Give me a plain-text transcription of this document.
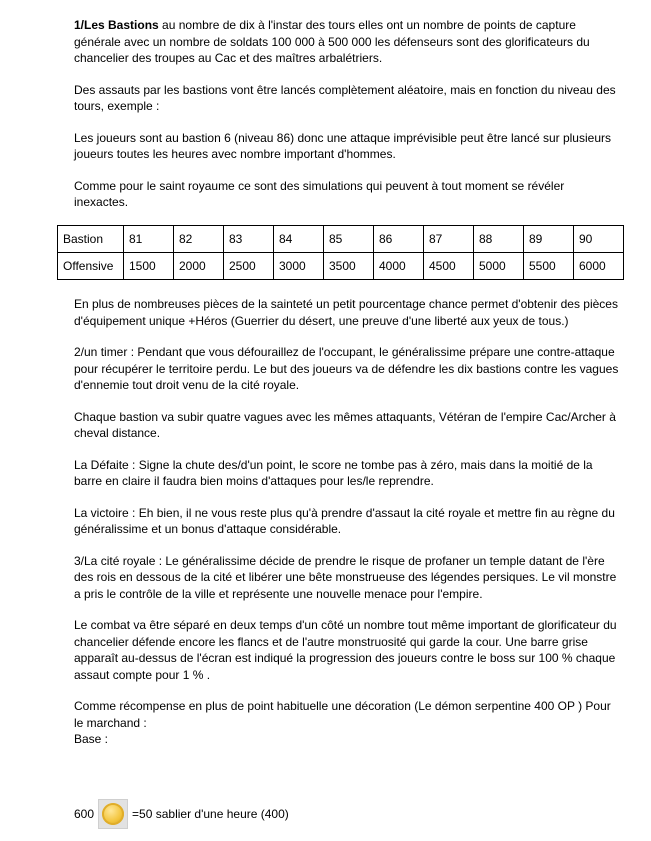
1/Les Bastions au nombre de dix à l'instar des tours elles ont un nombre de points de capture générale avec un nombre de soldats 100 000 à 500 000 les défenseurs sont des glorificateurs du chancelier des troupes au Cac et des maîtres arbalétriers.

Des assauts par les bastions vont être lancés complètement aléatoire, mais en fonction du niveau des tours, exemple :

Les joueurs sont au bastion 6 (niveau 86) donc une attaque imprévisible peut être lancé sur plusieurs joueurs toutes les heures avec nombre important d'hommes.

Comme pour le saint royaume ce sont des simulations qui peuvent à tout moment se révéler inexactes.

Bastion	81	82	83	84	85	86	87	88	89	90
Offensive	1500	2000	2500	3000	3500	4000	4500	5000	5500	6000

En plus de nombreuses pièces de la sainteté un petit pourcentage chance permet d'obtenir des pièces d'équipement unique +Héros (Guerrier du désert, une preuve d'une liberté aux yeux de tous.)

2/un timer : Pendant que vous défouraillez de l'occupant, le généralissime prépare une contre-attaque pour récupérer le territoire perdu. Le but des joueurs va de défendre les dix bastions contre les vagues d'ennemie tout droit venu de la cité royale.

Chaque bastion va subir quatre vagues avec les mêmes attaquants, Vétéran de l'empire Cac/Archer à cheval distance.

La Défaite : Signe la chute des/d'un point, le score ne tombe pas à zéro, mais dans la moitié de la barre en claire il faudra bien moins d'attaques pour les/le reprendre.

La victoire : Eh bien, il ne vous reste plus qu'à prendre d'assaut la cité royale et mettre fin au règne du généralissime et un bonus d'attaque considérable.

3/La cité royale : Le généralissime décide de prendre le risque de profaner un temple datant de l'ère des rois en dessous de la cité et libérer une bête monstrueuse des légendes persiques. Le vil monstre a pris le contrôle de la ville et représente une nouvelle menace pour l'empire.

Le combat va être séparé en deux temps d'un côté un nombre tout même important de glorificateur du chancelier défende encore les flancs et de l'autre monstruosité qui garde la cour. Une barre grise apparaît au-dessus de l'écran est indiqué la progression des joueurs contre le boss sur 100 % chaque assaut compte pour 1 % .

Comme récompense en plus de point habituelle une décoration (Le démon serpentine 400 OP ) Pour le marchand :

Base :

600	=50 sablier d'une heure (400)
